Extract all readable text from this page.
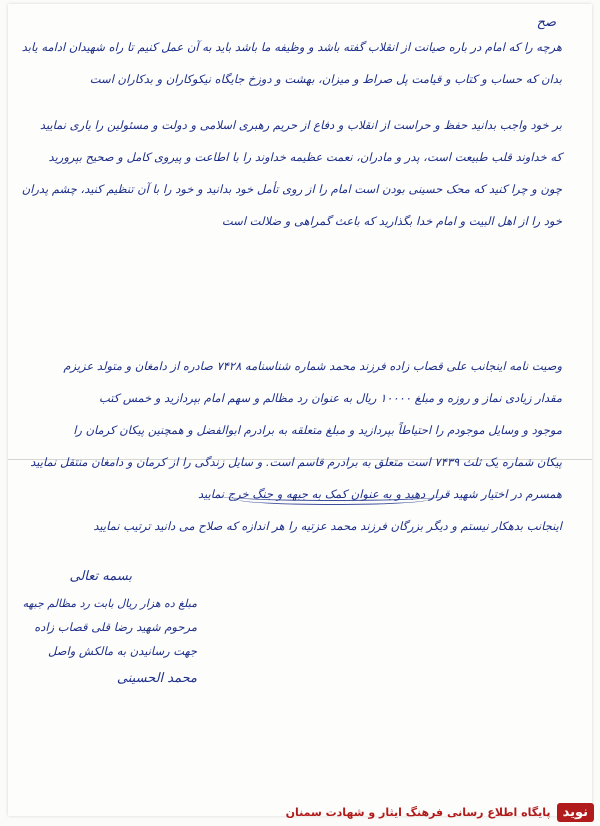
صح
هرچه را که امام در باره صیانت از انقلاب گفته باشد و وظیفه ما باشد باید به آن عمل کنیم تا راه شهیدان ادامه یابد
بدان که حساب و کتاب و قیامت پل صراط و میزان، بهشت و دوزخ جایگاه نیکوکاران و بدکاران است
بر خود واجب بدانید حفظ و حراست از انقلاب و دفاع از حریم رهبری اسلامی و دولت و مسئولین را یاری نمایید
که خداوند قلب طبیعت است، پدر و مادران، نعمت عظیمه خداوند را با اطاعت و پیروی کامل و صحیح بپرورید
چون و چرا کنید که محک حسینی بودن است امام را از روی تأمل خود بدانید و خود را با آن تنظیم کنید، چشم پدران
خود را از اهل البیت و امام خدا بگذارید که باعث گمراهی و ضلالت است
وصیت نامه اینجانب علی قصاب زاده فرزند محمد شماره شناسنامه ۷۴۲۸ صادره از دامغان و متولد عزیزم
مقدار زیادی نماز و روزه و مبلغ ۱۰۰۰۰ ریال به عنوان رد مظالم و سهم امام بپردازید و خمس کتب
موجود و وسایل موجودم را احتیاطاً بپردازید و مبلغ متعلقه به برادرم ابوالفضل و همچنین پیکان کرمان را
پیکان شماره یک ثلث ۷۴۳۹ است متعلق به برادرم قاسم است. و سایل زندگی را از کرمان و دامغان منتقل نمایید
همسرم در اختیار شهید قرار دهید و به عنوان کمک به جبهه و جنگ خرج نمایید
اینجانب بدهکار نیستم و دیگر بزرگان فرزند محمد عزتیه را هر اندازه که صلاح می دانید ترتیب نمایید
بسمه تعالی
مبلغ ده هزار ریال بابت رد مظالم جبهه
مرحوم شهید رضا قلی قصاب زاده
جهت رسانیدن به مالکش واصل
محمد الحسینی
نوید
پایگاه اطلاع رسانی فرهنگ ایثار و شهادت سمنان
